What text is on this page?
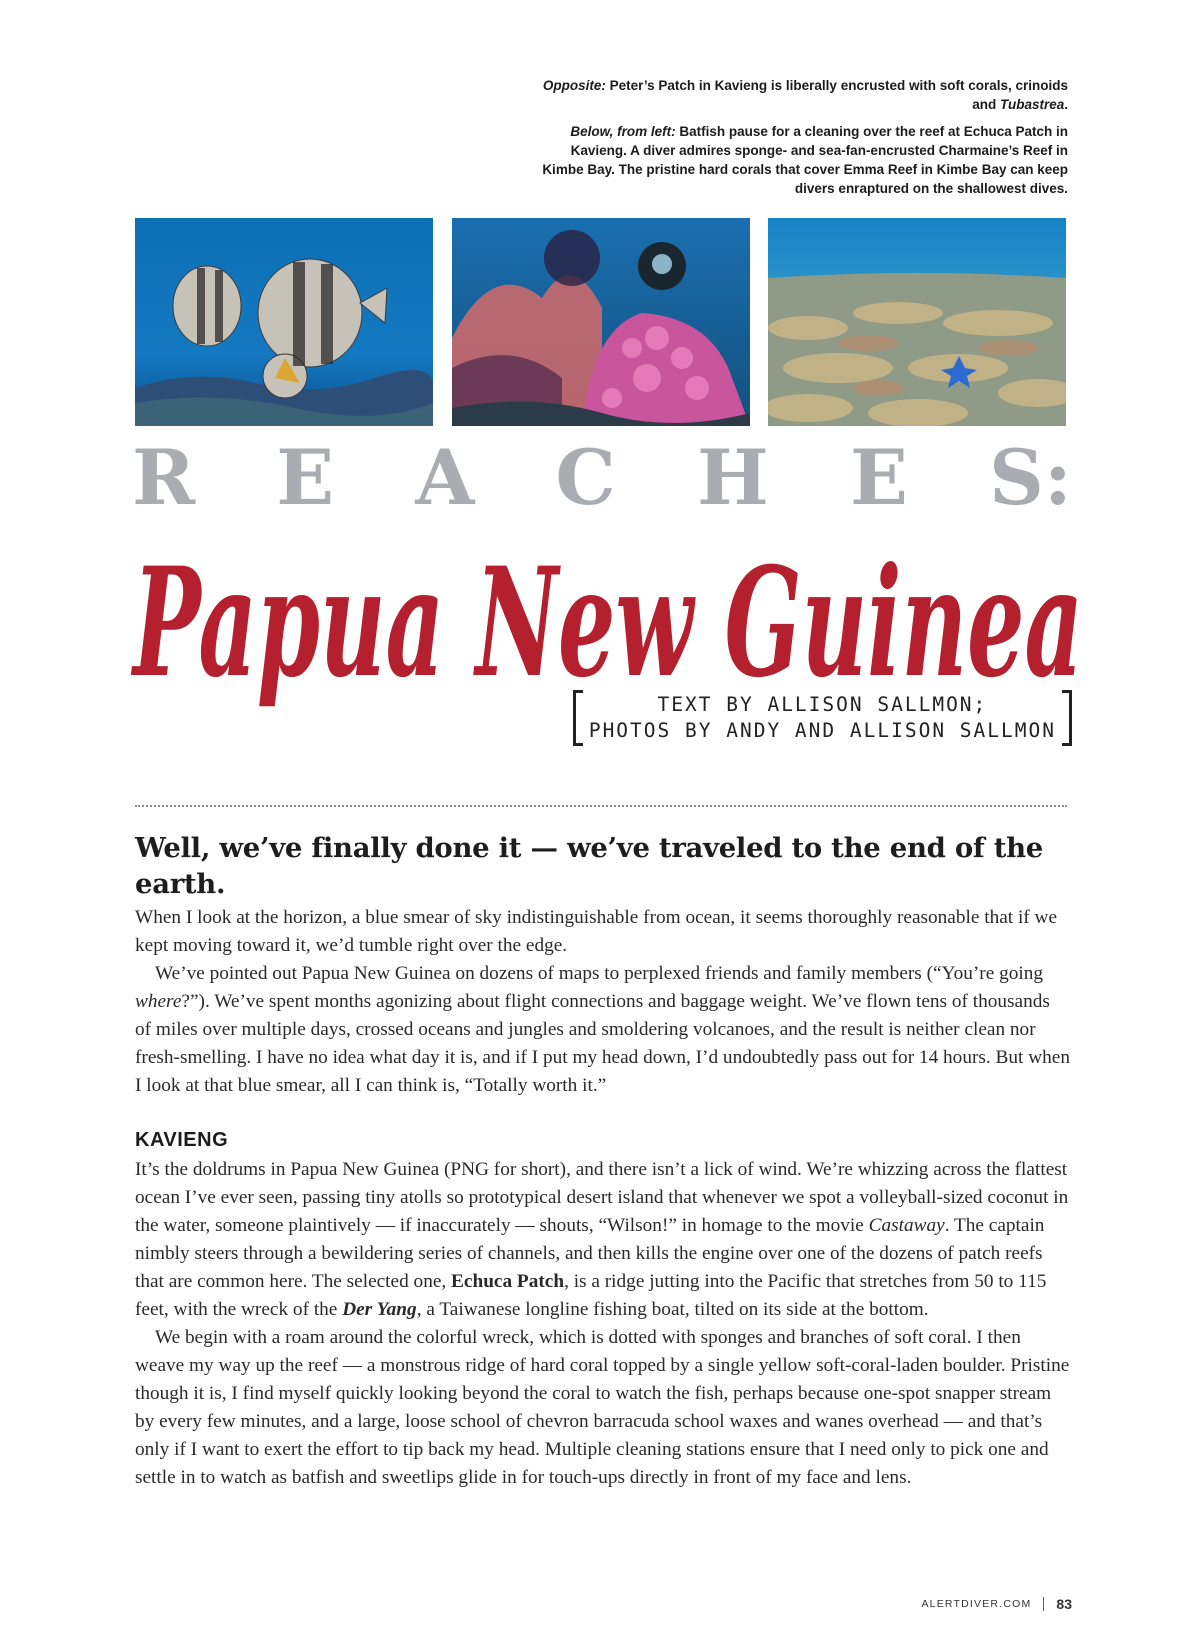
Opposite: Peter’s Patch in Kavieng is liberally encrusted with soft corals, crinoids and Tubastrea.

Below, from left: Batfish pause for a cleaning over the reef at Echuca Patch in Kavieng. A diver admires sponge- and sea-fan-encrusted Charmaine’s Reef in Kimbe Bay. The pristine hard corals that cover Emma Reef in Kimbe Bay can keep divers enraptured on the shallowest dives.

R E A C H E S:
Papua New Guinea
TEXT BY ALLISON SALLMON;
PHOTOS BY ANDY AND ALLISON SALLMON
Well, we’ve finally done it — we’ve traveled to the end of the earth.

When I look at the horizon, a blue smear of sky indistinguishable from ocean, it seems thoroughly reasonable that if we kept moving toward it, we’d tumble right over the edge.

We’ve pointed out Papua New Guinea on dozens of maps to perplexed friends and family members (“You’re going where?”). We’ve spent months agonizing about flight connections and baggage weight. We’ve flown tens of thousands of miles over multiple days, crossed oceans and jungles and smoldering volcanoes, and the result is neither clean nor fresh-smelling. I have no idea what day it is, and if I put my head down, I’d undoubtedly pass out for 14 hours. But when I look at that blue smear, all I can think is, “Totally worth it.”

KAVIENG

It’s the doldrums in Papua New Guinea (PNG for short), and there isn’t a lick of wind. We’re whizzing across the flattest ocean I’ve ever seen, passing tiny atolls so prototypical desert island that whenever we spot a volleyball-sized coconut in the water, someone plaintively — if inaccurately — shouts, “Wilson!” in homage to the movie Castaway. The captain nimbly steers through a bewildering series of channels, and then kills the engine over one of the dozens of patch reefs that are common here. The selected one, Echuca Patch, is a ridge jutting into the Pacific that stretches from 50 to 115 feet, with the wreck of the Der Yang, a Taiwanese longline fishing boat, tilted on its side at the bottom.

We begin with a roam around the colorful wreck, which is dotted with sponges and branches of soft coral. I then weave my way up the reef — a monstrous ridge of hard coral topped by a single yellow soft-coral-laden boulder. Pristine though it is, I find myself quickly looking beyond the coral to watch the fish, perhaps because one-spot snapper stream by every few minutes, and a large, loose school of chevron barracuda school waxes and wanes overhead — and that’s only if I want to exert the effort to tip back my head. Multiple cleaning stations ensure that I need only to pick one and settle in to watch as batfish and sweetlips glide in for touch-ups directly in front of my face and lens.

ALERTDIVER.COM 83
